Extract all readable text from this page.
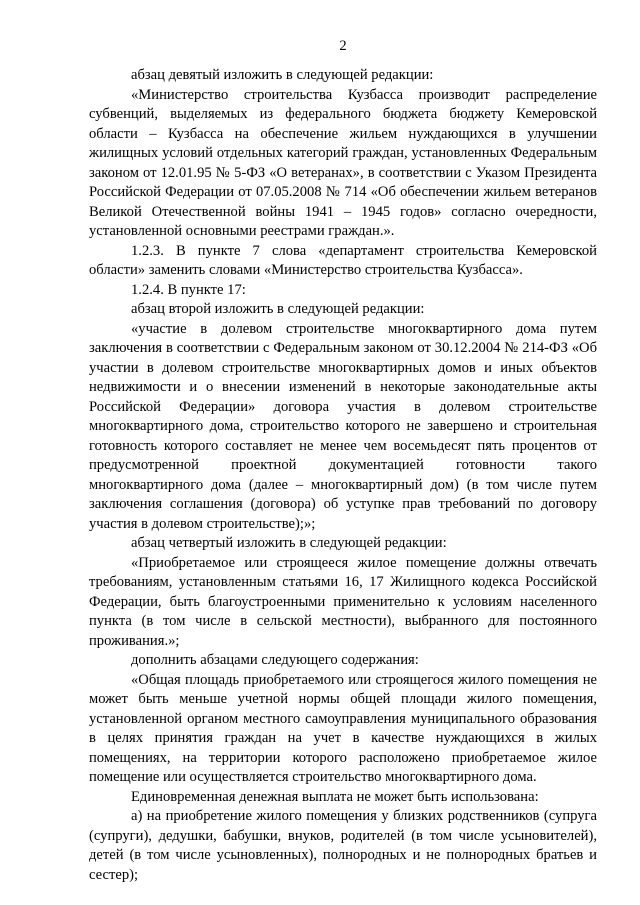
2

абзац девятый изложить в следующей редакции:

«Министерство строительства Кузбасса производит распределение субвенций, выделяемых из федерального бюджета бюджету Кемеровской области – Кузбасса на обеспечение жильем нуждающихся в улучшении жилищных условий отдельных категорий граждан, установленных Федеральным законом от 12.01.95 № 5-ФЗ «О ветеранах», в соответствии с Указом Президента Российской Федерации от 07.05.2008 № 714 «Об обеспечении жильем ветеранов Великой Отечественной войны 1941 – 1945 годов» согласно очередности, установленной основными реестрами граждан.».

1.2.3. В пункте 7 слова «департамент строительства Кемеровской области» заменить словами «Министерство строительства Кузбасса».

1.2.4. В пункте 17:

абзац второй изложить в следующей редакции:

«участие в долевом строительстве многоквартирного дома путем заключения в соответствии с Федеральным законом от 30.12.2004 № 214-ФЗ «Об участии в долевом строительстве многоквартирных домов и иных объектов недвижимости и о внесении изменений в некоторые законодательные акты Российской Федерации» договора участия в долевом строительстве многоквартирного дома, строительство которого не завершено и строительная готовность которого составляет не менее чем восемьдесят пять процентов от предусмотренной проектной документацией готовности такого многоквартирного дома (далее – многоквартирный дом) (в том числе путем заключения соглашения (договора) об уступке прав требований по договору участия в долевом строительстве);»;

абзац четвертый изложить в следующей редакции:

«Приобретаемое или строящееся жилое помещение должны отвечать требованиям, установленным статьями 16, 17 Жилищного кодекса Российской Федерации, быть благоустроенными применительно к условиям населенного пункта (в том числе в сельской местности), выбранного для постоянного проживания.»;

дополнить абзацами следующего содержания:

«Общая площадь приобретаемого или строящегося жилого помещения не может быть меньше учетной нормы общей площади жилого помещения, установленной органом местного самоуправления муниципального образования в целях принятия граждан на учет в качестве нуждающихся в жилых помещениях, на территории которого расположено приобретаемое жилое помещение или осуществляется строительство многоквартирного дома.

Единовременная денежная выплата не может быть использована:

а) на приобретение жилого помещения у близких родственников (супруга (супруги), дедушки, бабушки, внуков, родителей (в том числе усыновителей), детей (в том числе усыновленных), полнородных и не полнородных братьев и сестер);
